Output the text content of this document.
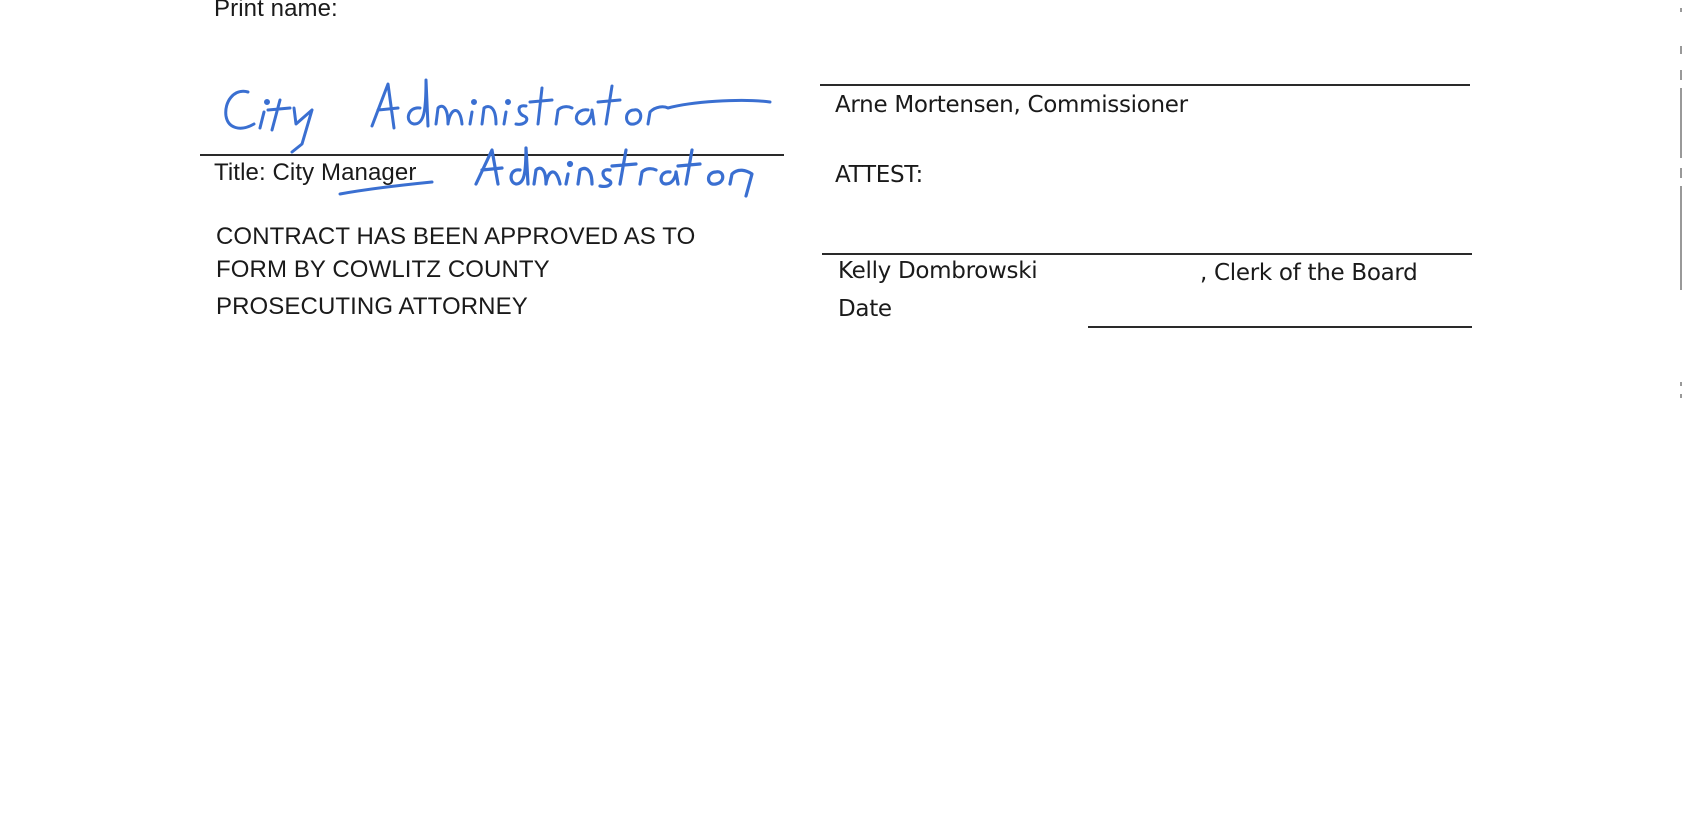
Print name:
Title: City Manager
CONTRACT HAS BEEN APPROVED AS TO
FORM BY COWLITZ COUNTY
PROSECUTING ATTORNEY
Arne Mortensen, Commissioner
ATTEST:
Kelly Dombrowski	, Clerk of the Board
Date
